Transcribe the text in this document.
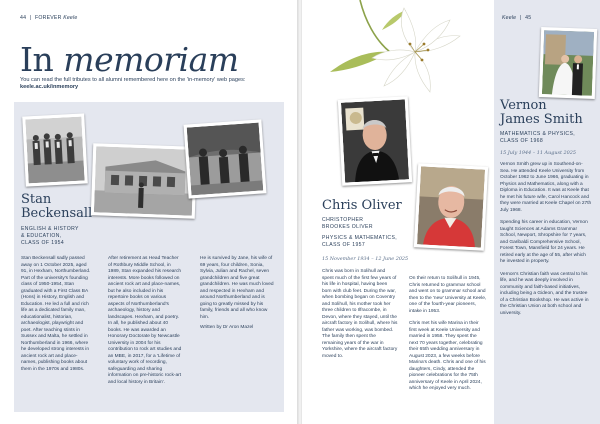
44 | FOREVER Keele
In memoriam
You can read the full tributes to all alumni remembered here on the 'in-memory' web pages: keele.ac.uk/inmemory
Stan
Beckensall
ENGLISH & HISTORY
& EDUCATION,
CLASS OF 1954
Stan Beckensall sadly passed away on 1 October 2025, aged 91, in Hexham, Northumberland. Part of the university's founding class of 1950-1954, Stan graduated with a First Class BA (Hons) in History, English and Education. He led a full and rich life as a dedicated family man, educationalist, historian, archaeologist, playwright and poet. After teaching stints in Sussex and Malta, he settled in Northumberland in 1966, where he developed strong interests in ancient rock art and place-names, publishing books about them in the 1970s and 1980s.
After retirement as Head Teacher of Rothbury Middle School, in 1989, Stan expanded his research interests. More books followed on ancient rock art and place-names, but he also included in his repertoire books on various aspects of Northumberland's archaeology, history and landscapes. Hexham, and poetry. In all, he published about 40 books. He was awarded an Honorary Doctorate by Newcastle University in 2004 for his contribution to rock art studies and an MBE, in 2017, for a 'Lifetime of voluntary work of recording, safeguarding and sharing information on pre-historic rock-art and local history in Britain'.
He is survived by Jane, his wife of 69 years, four children, Sonia, Sylvia, Julian and Rachel, seven grandchildren and five great grandchildren. He was much loved and respected in Hexham and around Northumberland and is going to greatly missed by his family, friends and all who know him.
Written by Dr Aron Mazel
Keele | 45
Chris Oliver
CHRISTOPHER
BROOKES OLIVER
PHYSICS & MATHEMATICS,
CLASS OF 1957
15 November 1934 – 12 June 2025
Chris was born in Solihull and spent much of the first few years of his life in hospital, having been born with club feet. During the war, when bombing began on Coventry and Solihull, his mother took her three children to Ilfracombe, in Devon, where they stayed, until the aircraft factory in Solihull, where his father was working, was bombed. The family then spent the remaining years of the war in Yorkshire, where the aircraft factory moved to.

On their return to Solihull in 1945, Chris returned to grammar school and went on to grammar school and then to the 'new' University at Keele, one of the fourth-year pioneers, intake in 1953.

Chris met his wife Marina in their first week at Keele University and married in 1958. They spent the next 70 years together, celebrating their 65th wedding anniversary in August 2023, a few weeks before Marina's death. Chris and one of his daughters, Cindy, attended the pioneer celebrations for the 75th anniversary of Keele in April 2024, which he enjoyed very much.

Vernon
James Smith
MATHEMATICS & PHYSICS,
CLASS OF 1968
15 July 1944 – 11 August 2025

Vernon Smith grew up in Southend-on-Sea. He attended Keele University from October 1962 to June 1966, graduating in Physics and Mathematics, along with a Diploma in Education. It was at Keele that he met his future wife, Carol Hancock and they were married at Keele Chapel on 27th July 1968.

Spending his career in education, Vernon taught Sciences at Adams Grammar School, Newport, Shropshire for 7 years, and Garibaldi Comprehensive School, Forest Town, Mansfield for 24 years. He retired early at the age of 55, after which he invested in property.

Vernon's Christian faith was central to his life, and he was deeply involved in community and faith-based initiatives, including being a Gideon, and the trustee of a Christian Bookshop. He was active in the Christian Union at both school and university.
